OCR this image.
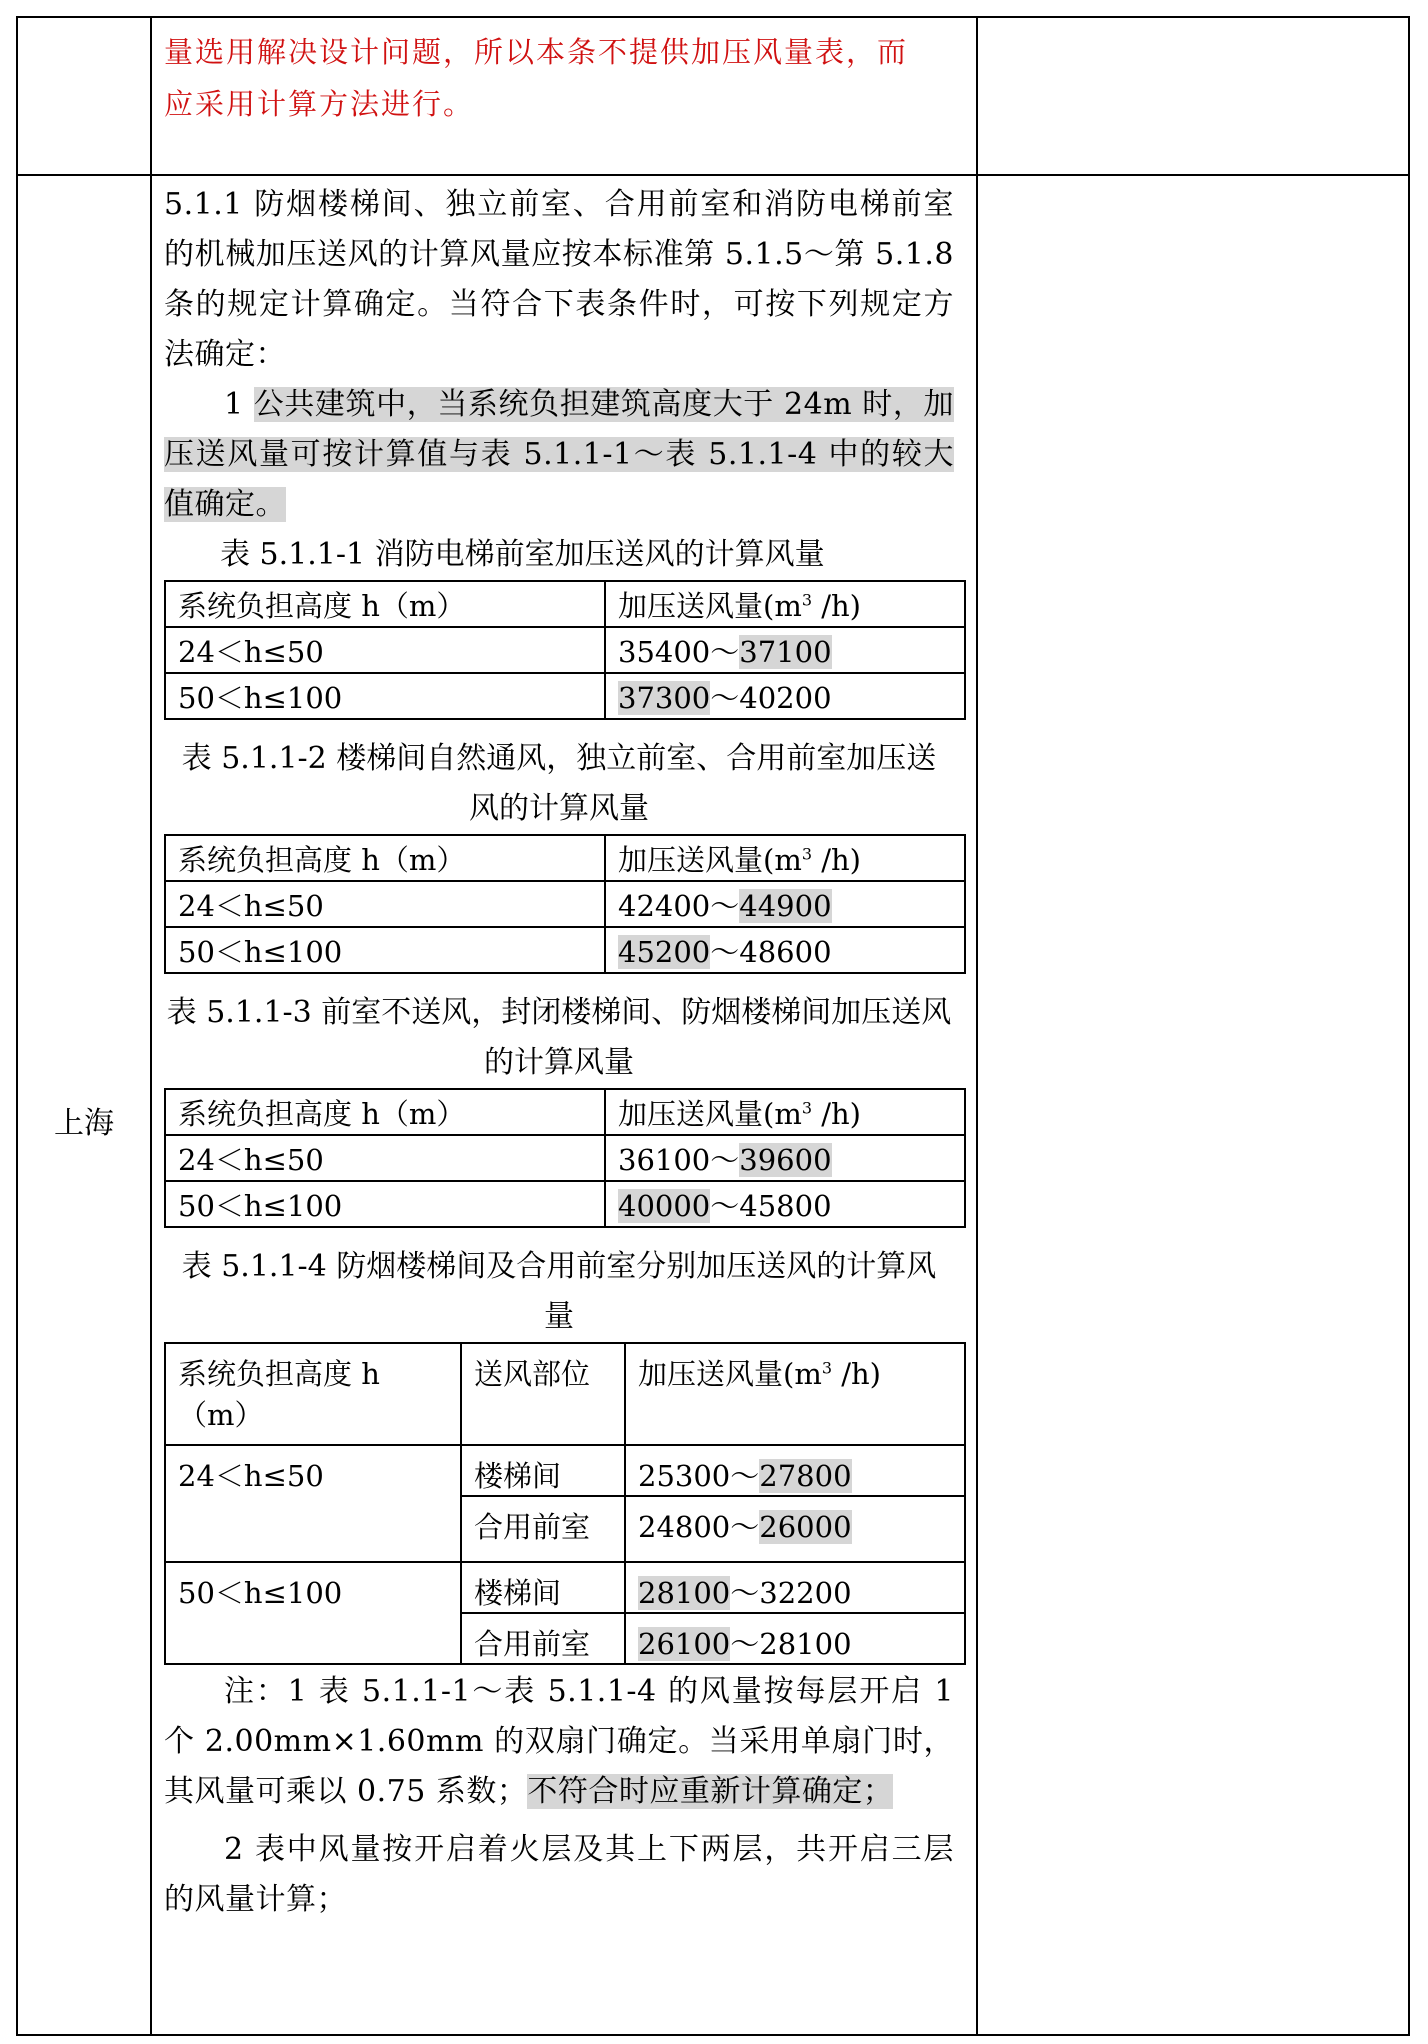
量选用解决设计问题，所以本条不提供加压风量表，而
应采用计算方法进行。

上海

5.1.1 防烟楼梯间、独立前室、合用前室和消防电梯前室的机械加压送风的计算风量应按本标准第 5.1.5～第 5.1.8 条的规定计算确定。当符合下表条件时，可按下列规定方法确定：

1 公共建筑中，当系统负担建筑高度大于 24m 时，加压送风量可按计算值与表 5.1.1-1～表 5.1.1-4 中的较大值确定。

表 5.1.1-1 消防电梯前室加压送风的计算风量

系统负担高度 h（m）	加压送风量($m^3$ /h)
24＜h≤50	35400～37100
50＜h≤100	37300～40200

表 5.1.1-2 楼梯间自然通风，独立前室、合用前室加压送风的计算风量

系统负担高度 h（m）	加压送风量($m^3$ /h)
24＜h≤50	42400～44900
50＜h≤100	45200～48600

表 5.1.1-3 前室不送风，封闭楼梯间、防烟楼梯间加压送风的计算风量

系统负担高度 h（m）	加压送风量($m^3$ /h)
24＜h≤50	36100～39600
50＜h≤100	40000～45800

表 5.1.1-4 防烟楼梯间及合用前室分别加压送风的计算风量

系统负担高度 h（m）	送风部位	加压送风量($m^3$ /h)
24＜h≤50	楼梯间	25300～27800
	合用前室	24800～26000
50＜h≤100	楼梯间	28100～32200
	合用前室	26100～28100

注：1 表 5.1.1-1～表 5.1.1-4 的风量按每层开启 1 个 2.00mm×1.60mm 的双扇门确定。当采用单扇门时，其风量可乘以 0.75 系数；不符合时应重新计算确定；

2 表中风量按开启着火层及其上下两层，共开启三层的风量计算；
